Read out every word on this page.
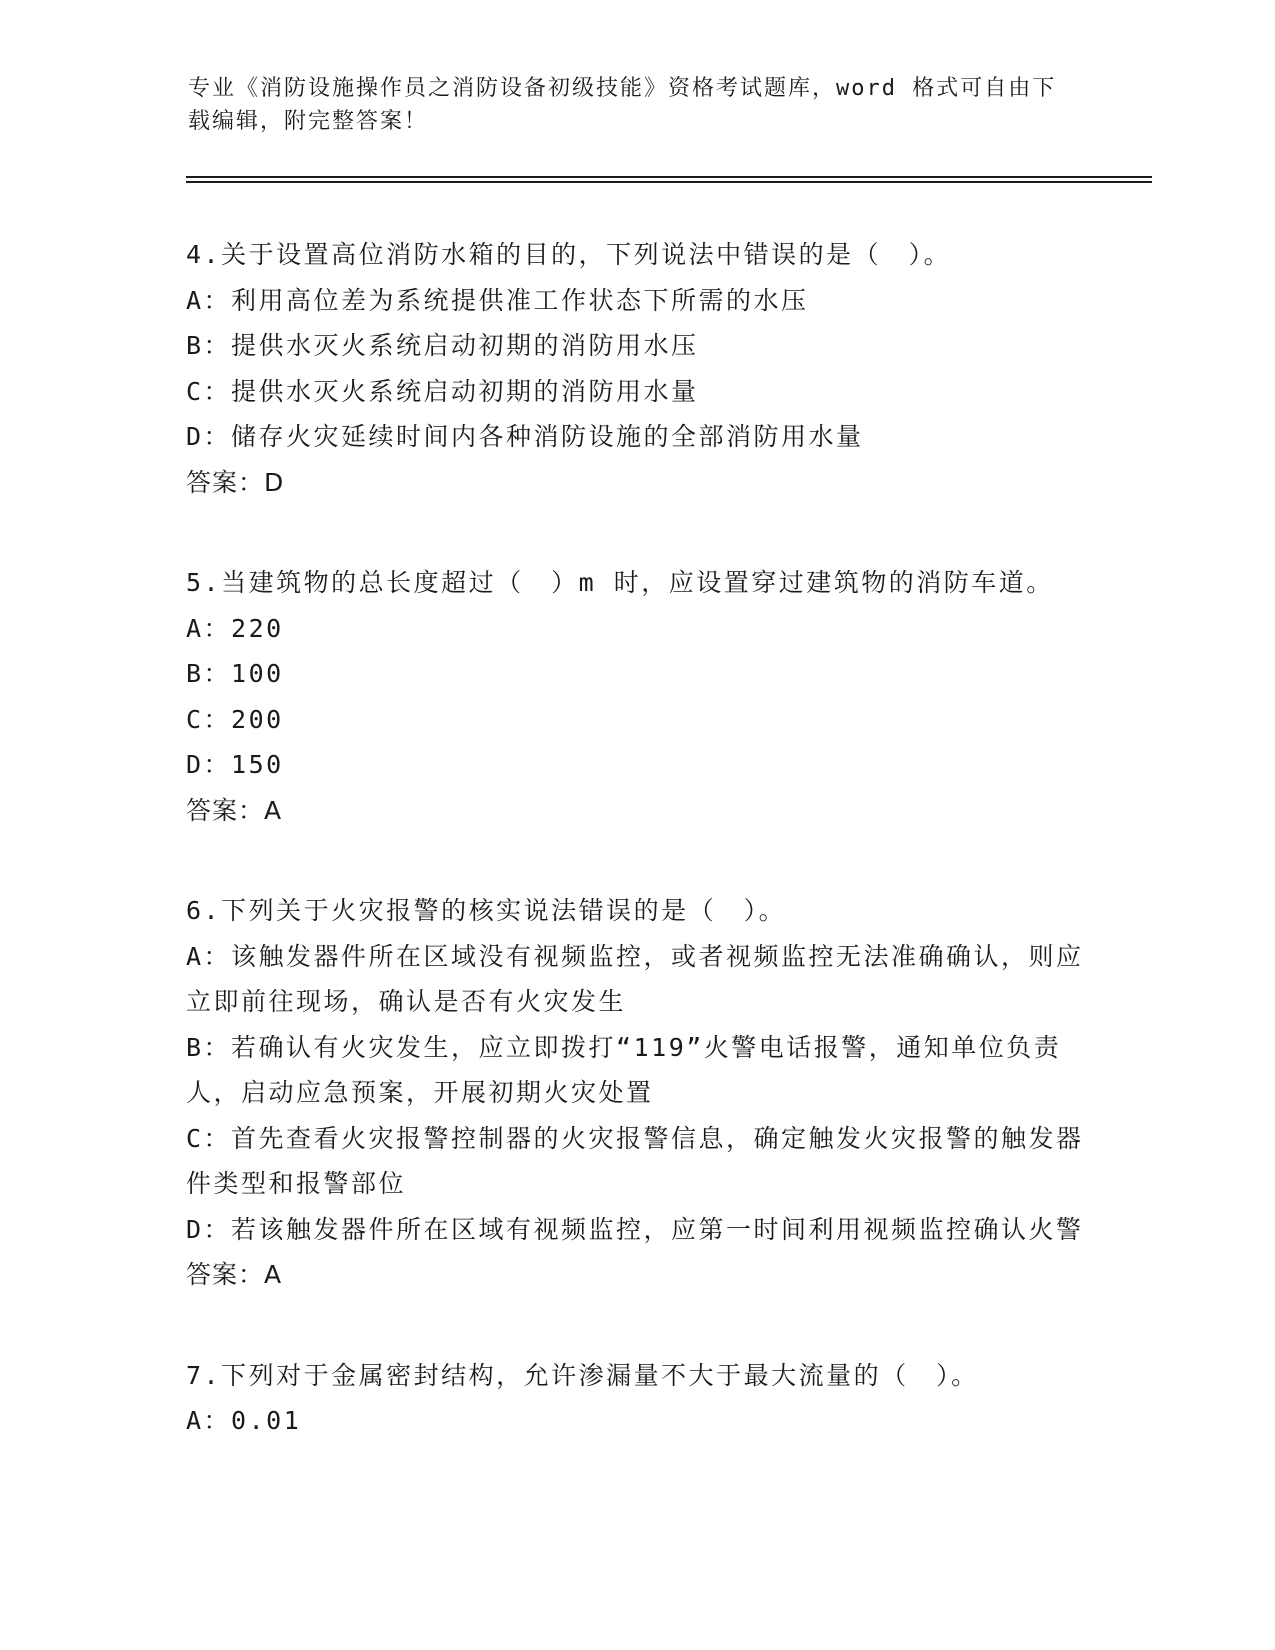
专业《消防设施操作员之消防设备初级技能》资格考试题库，word 格式可自由下
载编辑，附完整答案！
4.关于设置高位消防水箱的目的，下列说法中错误的是（　）。
A：利用高位差为系统提供准工作状态下所需的水压
B：提供水灭火系统启动初期的消防用水压
C：提供水灭火系统启动初期的消防用水量
D：储存火灾延续时间内各种消防设施的全部消防用水量
答案：D
5.当建筑物的总长度超过（　）m 时，应设置穿过建筑物的消防车道。
A：220
B：100
C：200
D：150
答案：A
6.下列关于火灾报警的核实说法错误的是（　）。
A：该触发器件所在区域没有视频监控，或者视频监控无法准确确认，则应立即前往现场，确认是否有火灾发生
B：若确认有火灾发生，应立即拨打“119”火警电话报警，通知单位负责人，启动应急预案，开展初期火灾处置
C：首先查看火灾报警控制器的火灾报警信息，确定触发火灾报警的触发器件类型和报警部位
D：若该触发器件所在区域有视频监控，应第一时间利用视频监控确认火警
答案：A
7.下列对于金属密封结构，允许渗漏量不大于最大流量的（　）。
A：0.01
